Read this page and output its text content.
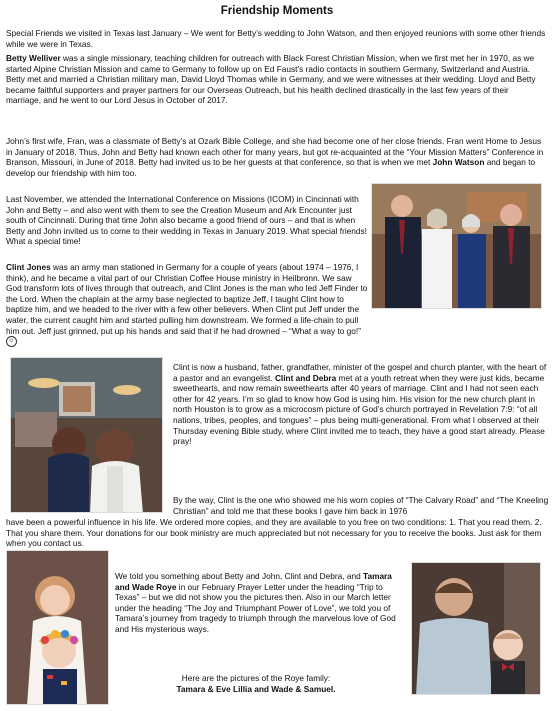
Friendship Moments

Special Friends we visited in Texas last January – We went for Betty’s wedding to John Watson, and then enjoyed reunions with some other friends while we were in Texas.

Betty Welliver was a single missionary, teaching children for outreach with Black Forest Christian Mission, when we first met her in 1970, as we started Alpine Christian Mission and came to Germany to follow up on Ed Faust’s radio contacts in southern Germany, Switzerland and Austria. Betty met and married a Christian military man, David Lloyd Thomas while in Germany, and we were witnesses at their wedding. Lloyd and Betty became faithful supporters and prayer partners for our Overseas Outreach, but his health declined drastically in the last few years of their marriage, and he went to our Lord Jesus in October of 2017.

John’s first wife, Fran, was a classmate of Betty’s at Ozark Bible College, and she had become one of her close friends. Fran went Home to Jesus in January of 2018. Thus, John and Betty had known each other for many years, but got re-acquainted at the “Your Mission Matters” Conference in Branson, Missouri, in June of 2018. Betty had invited us to be her guests at that conference, so that is when we met John Watson and began to develop our friendship with him too.

Last November, we attended the International Conference on Missions (ICOM) in Cincinnati with John and Betty – and also went with them to see the Creation Museum and Ark Encounter just south of Cincinnati. During that time John also became a good friend of ours – and that is when Betty and John invited us to come to their wedding in Texas in January 2019. What special friends! What a special time!

Clint Jones was an army man stationed in Germany for a couple of years (about 1974 – 1976, I think), and he became a vital part of our Christian Coffee House ministry in Heilbronn. We saw God transform lots of lives through that outreach, and Clint Jones is the man who led Jeff Finder to the Lord. When the chaplain at the army base neglected to baptize Jeff, I taught Clint how to baptize him, and we headed to the river with a few other believers. When Clint put Jeff under the water, the current caught him and started pulling him downstream. We formed a life-chain to pull him out. Jeff just grinned, put up his hands and said that if he had drowned – “What a way to go!” ☺

Clint is now a husband, father, grandfather, minister of the gospel and church planter, with the heart of a pastor and an evangelist. Clint and Debra met at a youth retreat when they were just kids, became sweethearts, and now remain sweethearts after 40 years of marriage. Clint and I had not seen each other for 42 years. I’m so glad to know how God is using him. His vision for the new church plant in north Houston is to grow as a microcosm picture of God’s church portrayed in Revelation 7:9: “of all nations, tribes, peoples, and tongues” – plus being multi-generational. From what I observed at their Thursday evening Bible study, where Clint invited me to teach, they have a good start already. Please pray!

By the way, Clint is the one who showed me his worn copies of “The Calvary Road” and “The Kneeling Christian” and told me that these books I gave him back in 1976

have been a powerful influence in his life. We ordered more copies, and they are available to you free on two conditions: 1. That you read them. 2. That you share them. Your donations for our book ministry are much appreciated but not necessary for you to receive the books. Just ask for them when you contact us.

We told you something about Betty and John, Clint and Debra, and Tamara and Wade Roye in our February Prayer Letter under the heading “Trip to Texas” – but we did not show you the pictures then. Also in our March letter under the heading “The Joy and Triumphant Power of Love”, we told you of Tamara’s journey from tragedy to triumph through the marvelous love of God and His mysterious ways.

Here are the pictures of the Roye family:
Tamara & Eve Lillia and Wade & Samuel.
